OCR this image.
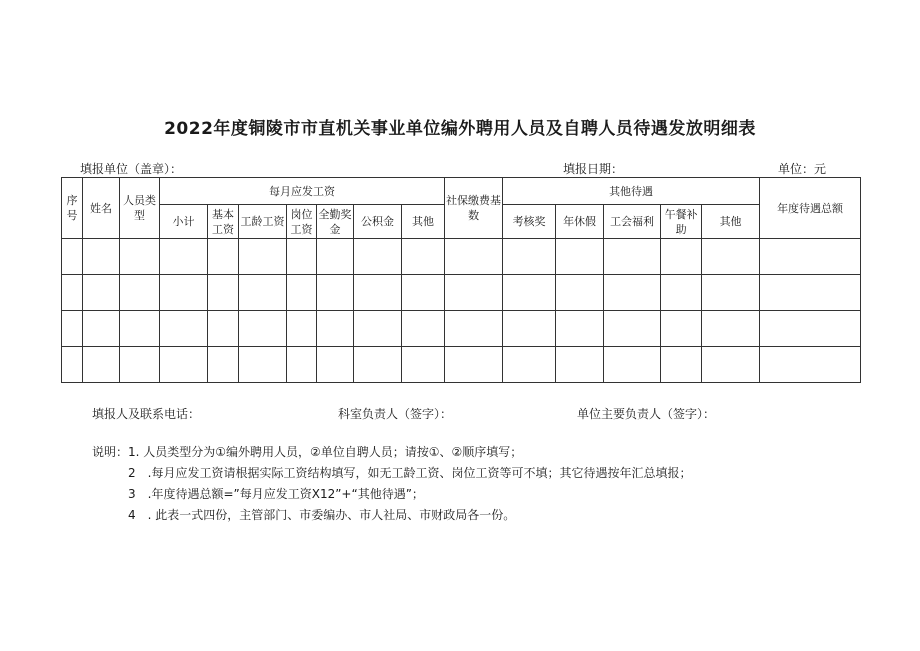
2022年度铜陵市市直机关事业单位编外聘用人员及自聘人员待遇发放明细表
填报单位（盖章）：	填报日期：	单位：元
序号	姓名	人员类型	每月应发工资							社保缴费基数	其他待遇					年度待遇总额	
			小计	基本工资	工龄工资	岗位工资	全勤奖金	公积金	其他		考核奖	年休假	工会福利	午餐补助	其他		

填报人及联系电话：	科室负责人（签字）：	单位主要负责人（签字）：
说明：1. 人员类型分为①编外聘用人员，②单位自聘人员；请按①、②顺序填写；
2　.每月应发工资请根据实际工资结构填写，如无工龄工资、岗位工资等可不填；其它待遇按年汇总填报；
3　.年度待遇总额=”每月应发工资X12”+“其他待遇”；
4　. 此表一式四份，主管部门、市委编办、市人社局、市财政局各一份。
